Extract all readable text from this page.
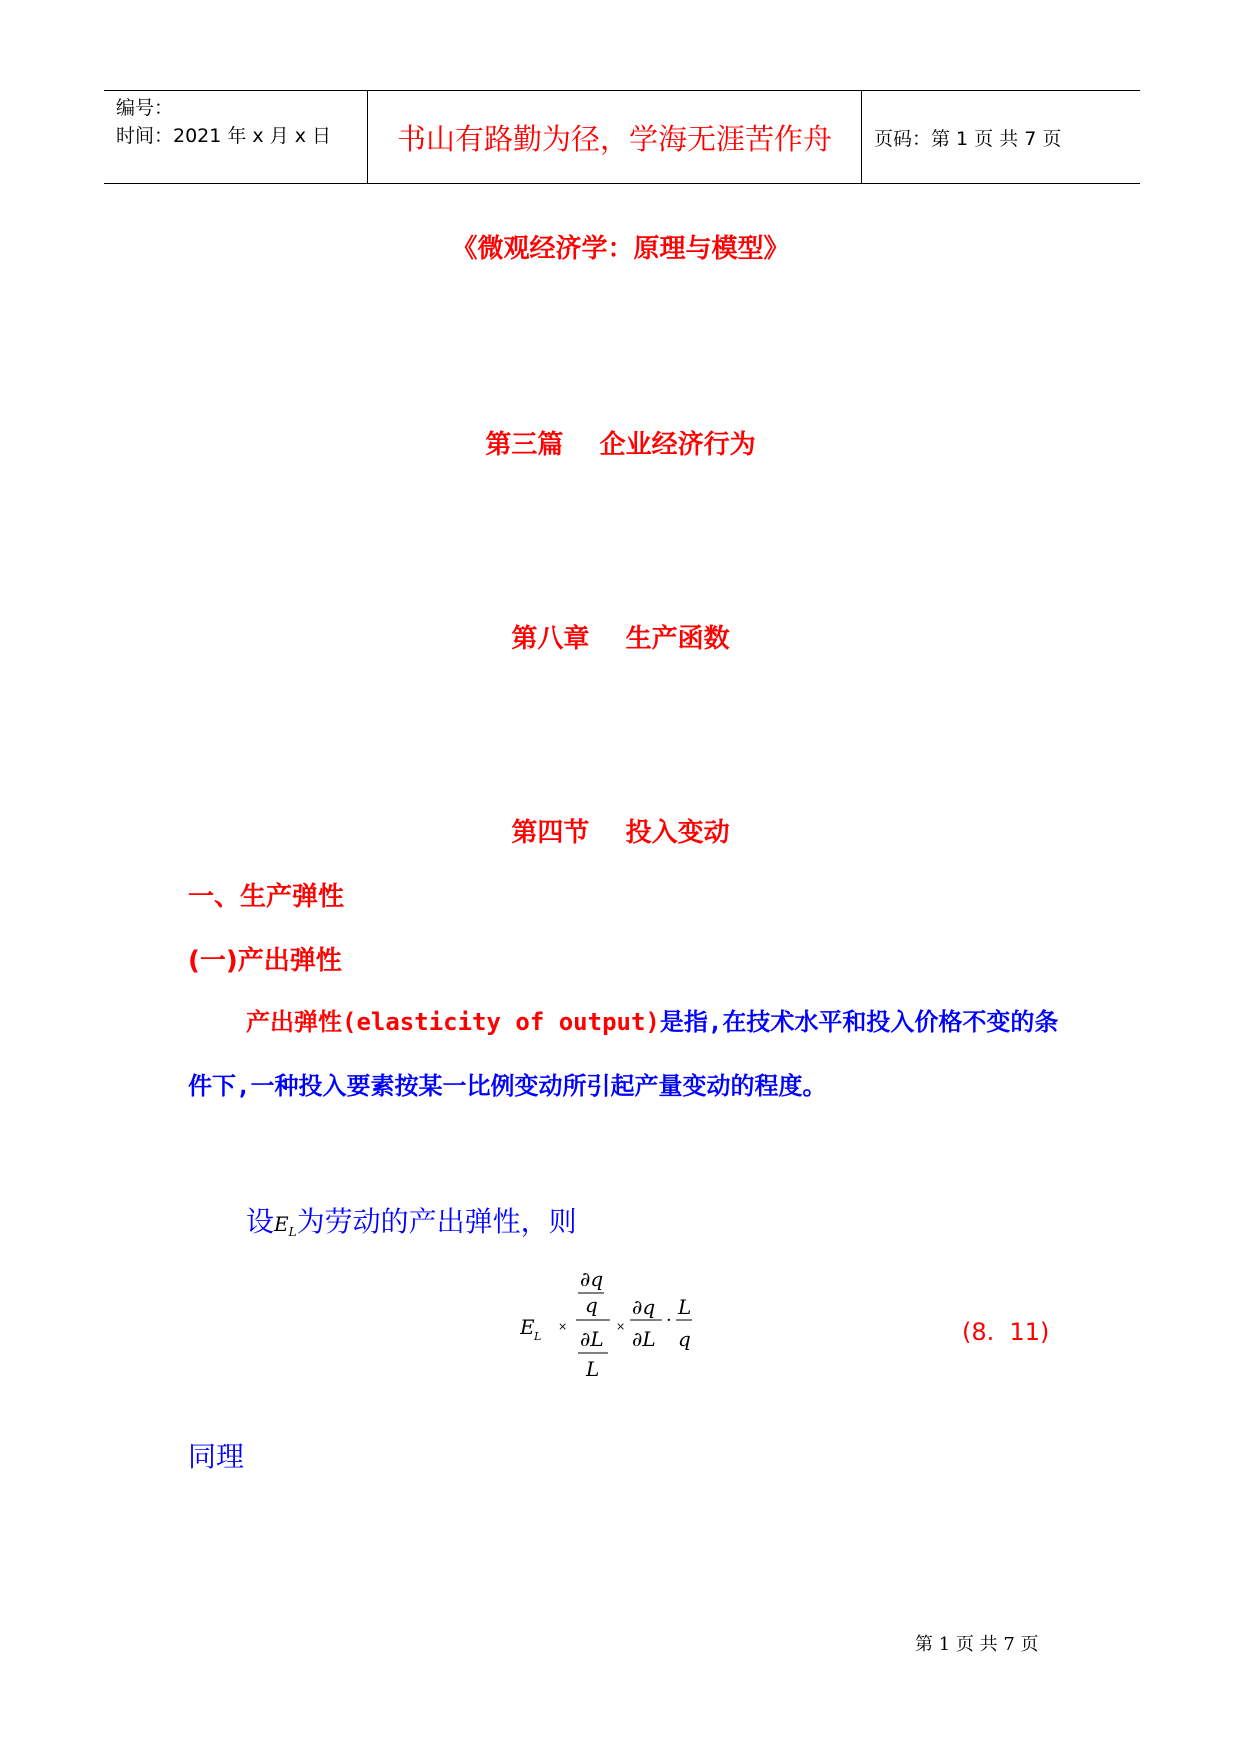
编号：
时间：2021 年 x 月 x 日 书山有路勤为径，学海无涯苦作舟 页码：第 1 页 共 7 页
《微观经济学：原理与模型》
第三篇    企业经济行为
第八章    生产函数
第四节    投入变动
一、生产弹性
(一)产出弹性
产出弹性(elasticity of output)是指,在技术水平和投入价格不变的条件下,一种投入要素按某一比例变动所引起产量变动的程度。
设$E_L$为劳动的产出弹性，则
E L
×
∂q
q
∂L
L
×
∂q
∂L
·
L
q	(8.  11)
同理
第 1 页 共 7 页
